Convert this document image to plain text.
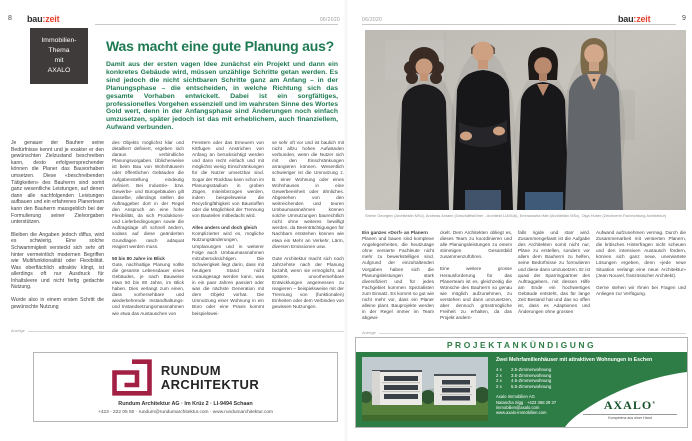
8 bau:zeit	06/2020
Immobilien-
Thema
mit
AXALO
Was macht eine gute Planung aus?
Damit aus der ersten vagen Idee zunächst ein Projekt und dann ein konkretes Gebäude wird, müssen unzählige Schritte getan werden. Es sind jedoch die nicht sichtbaren Schritte ganz am Anfang – in der Planungsphase – die entscheiden, in welche Richtung sich das gesamte Vorhaben entwickelt. Dabei ist ein sorgfältiges, professionelles Vorgehen essenziell und im wahrsten Sinne des Wortes Gold wert, denn in der Anfangsphase sind Änderungen noch einfach umzusetzen, später jedoch ist das mit erheblichem, auch finanziellem, Aufwand verbunden.

Je genauer der Bauherr seine Bedürfnisse kennt und je exakter er den gewünschten Zielzustand beschreiben kann, desto erfolgversprechender können die Planer das Bauvorhaben umsetzen. Diese «beschreibenden Tätigkeiten» des Bauherrn sind somit ganz wesentliche Leistungen, auf denen dann alle nachfolgenden Leistungen aufbauen und ein erfahrenes Planerteam kann den Bauherrn massgeblich bei der Formulierung seiner Zielvorgaben unterstützen.

Bleiben die Angaben jedoch diffus, wird es schwierig. Eine solche Schwammigkeit versteckt sich sehr oft hinter vermeintlich modernen Begriffen wie Multifunktionalität oder Flexibilität. Was oberflächlich attraktiv klingt, ist allerdings oft nur Ausdruck für Inhaltsleere und nicht fertig gedachte Nutzung.

Wurde also in einem ersten Schritt die gewünschte Nutzung

des Objekts möglichst klar und detailliert definiert, ergeben sich daraus verbindliche Planungsvorgaben. Üblicherweise ist beim Bau von Wohnhäusern oder öffentlichen Gebäuden die Aufgabenstellung eindeutig definiert. Bei Industrie- bzw. Gewerbe- und Bürogebäuden gilt dasselbe, allerdings stellen die Auftraggeber dort in der Regel den Anspruch an eine hohe Flexibilität, da sich Produktions- und Lieferbedingungen sowie die Auftragslage oft schnell ändern, sodass auf diese geänderten Grundlagen rasch adäquat reagiert werden muss.

50 bis 80 Jahre im Blick

Gute, nachhaltige Planung sollte die gesamte Lebensdauer eines Gebäudes, je nach Bauweise etwa 50 bis 80 Jahre, im Blick haben. Dies verlangt zum einen, dass vorhersehbare und wiederkehrende Instandhaltungs- und Instandsetzungsmassnahmen wie etwa das Austauschen von

Fenstern oder das Erneuern von Kittfugen und Anstrichen von Anfang an berücksichtigt werden und dann recht einfach und mit möglichst wenig Einschränkungen für die Nutzer umsetzbar sind. Sogar der Rückbau kann schon im Planungsstadium in groben Zügen, miteinbezogen werden, indem beispielsweise die Recyclingfähigkeit von Baustoffen oder die Möglichkeit der Trennung von Bauteilen mitbedacht wird.

Alles anders und doch gleich

Komplizierter wird es, mögliche Nutzungsänderungen, Umplanungen und in weiterer Folge auch Umbaumassnahmen mitzuberücksichtigen. Die Schwierigkeit liegt darin, dass mit heutigem Stand nicht vorausgesagt werden kann, was in ein paar Jahren passiert oder was die nächste Generation mit dem Objekt vorhat. Die Umnutzung einer Wohnung in ein Büro oder eine Praxis kommt beispielswei-

se sehr oft vor und ist baulich mit nicht allzu hohen Aufwänden verbunden, wenn die Nutzer sich mit den Einschränkungen arrangieren können. Wesentlich schwieriger ist die Umnutzung z. B. einer Wohnung oder eines Wohnhauses in eine Gewerbeeinheit oder ähnliches. Abgesehen von den weitreichenden und teuren Umbaumassnahmen können solche Umnutzungen baurechtlich nicht ohne weiteres bewilligt werden, da Beeinträchtigungen für Nachbarn entstehen können wie etwa ein Mehr an Verkehr, Lärm, diversen Emissionen usw.

Gute Architektur macht sich noch Jahrzehnte nach der Planung bezahlt, wenn sie ermöglicht, auf spätere, unvorhersehbare Entwicklungen angemessen zu reagieren – beispielsweise mit der Trennung von (funktionalen) Einheiten oder dem Verbinden von gewissen Nutzungen.

Anzeige
RUNDUM
ARCHITEKTUR
Rundum Architektur AG · Im Krüz 2 · LI-9494 Schaan
+423 - 222 05 50 · rundum@rundumarchitektur.com · www.rundumarchitektur.com
06/2020	bau:zeit	9
Sherin Georgiev (Architektin MSc), Andreas Amann (Geschäftsführer - Architekt LIA/SIA), Emmanuela Hatt (Architektin MSc), Olga Huber (Zeichnerin Fachrichtung Architektur)

Ein ganzes «Dorf» an Planern

Planen und bauen sind komplexe Angelegenheiten, die heutzutage ohne versierte Fachleute nicht mehr zu bewerkstelligen sind. Aufgrund der einzuhaltenden Vorgaben haben sich die Planungsleistungen stark diversifiziert und für jedes Fachgebiet kommen Spezialisten zum Einsatz. Es kommt so gut wie nicht mehr vor, dass ein Planer alleine plant. Bauprojekte werden in der Regel immer im Team abgewi-

ckelt. Dem Architekten obliegt es, dieses Team zu koordinieren und alle Planungsleistungen zu einem stimmigen Gesamtbild zusammenzuführen.

Eine weitere grosse Herausforderung für das Planerteam ist es, gleichzeitig die Wünsche des Bauherrn so genau wie möglich aufzunehmen, zu verstehen und dann umzusetzen, aber dennoch grösstmögliche Freiheit zu erhalten, da das Projekt andern-

falls rigide und starr wird. Zusammengefasst ist die Aufgabe des Architekten somit nicht nur, Pläne zu erstellen, sondern vor allem dem Bauherrn zu helfen, seine Bedürfnisse zu formulieren und diese dann umzusetzen. Er ist quasi der Sparringpartner des Auftraggebers, mit dessen Hilfe am Ende ein hochwertiges Gebäude entsteht, das für lange Zeit Bestand hat und das so offen ist, dass es Adaptionen und Änderungen ohne grossen

Aufwand aufzunehmen vermag. Durch die Zusammenarbeit mit versierten Planern, die kritisches Hinterfragen nicht scheuen und den intensiven Austausch fördern, können sich ganz neue, unerwartete Lösungen ergeben, denn «jede neue Situation verlangt eine neue Architektur» (Jean Nouvel, französischer Architekt).

Gerne stehen wir Ihnen bei Fragen und Anliegen zur Verfügung.

Anzeige
PROJEKTANKÜNDIGUNG
Zwei Mehrfamilienhäuser mit attraktiven Wohnungen in Eschen
4 x	2.5-Zimmerwohnung
2 x	3.5-Zimmerwohnung
2 x	4.5-Zimmerwohnung
2 x	5.5-Zimmerwohnung
Axalo Immobilien AG
Natascha Sigg · +423 368 29 37
immobilien@axalo.com
www.axalo-immobilien.com
AXALO®
Kompetenz aus einer Hand
